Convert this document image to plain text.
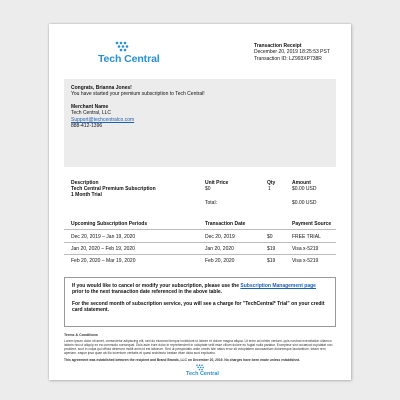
Tech Central
Transaction Receipt
December 20, 2019 18:25:53 PST
Transaction ID: LZ993XP738R
Congrats, Brianna Jones!
You have started your premium subscription to Tech Central!
Merchant Name
Tech Central, LLC
Support@techcentralco.com
888-412-1396
Description	Unit Price	Qty	Amount
Tech Central Premium Subscription
1 Month Trial
$0	1	$0.00 USD
Total:	$0.00 USD
Upcoming Subscription Periods	Transaction Date	Payment Source
Dec 20, 2019 – Jan 19, 2020	Dec 20, 2019	$0	FREE TRIAL
Jan 20, 2020 – Feb 19, 2020	Jan 20, 2020	$19	Visa x-5219
Feb 20, 2020 – Mar 19, 2020	Feb 20, 2020	$19	Visa x-5219
If you would like to cancel or modify your subscription, please use the Subscription Management page
prior to the next transaction date referenced in the above table.
For the second month of subscription service, you will see a charge for "TechCentral* Trial" on your credit card statement.
Terms & Conditions
Lorem ipsum dolor sit amet, consectetur adipiscing elit, sed do eiusmod tempor incididunt ut labore et dolore magna aliqua. Ut enim ad minim veniam, quis nostrud exercitation ullamco laboris nisi ut aliquip ex ea commodo consequat. Duis aute irure dolor in reprehenderit in voluptate velit esse cillum dolore eu fugiat nulla pariatur. Excepteur sint occaecat cupidatat non proident, sunt in culpa qui officia deserunt mollit anim id est laborum. Sed ut perspiciatis unde omnis iste natus error sit voluptatem accusantium doloremque laudantium, totam rem aperiam, eaque ipsa quae ab illo inventore veritatis et quasi architecto beatae vitae dicta sunt explicabo.
This agreement was established between the recipient and Brand Brands, LLC on December 20, 2019. No charges have been made unless established.
Tech Central
